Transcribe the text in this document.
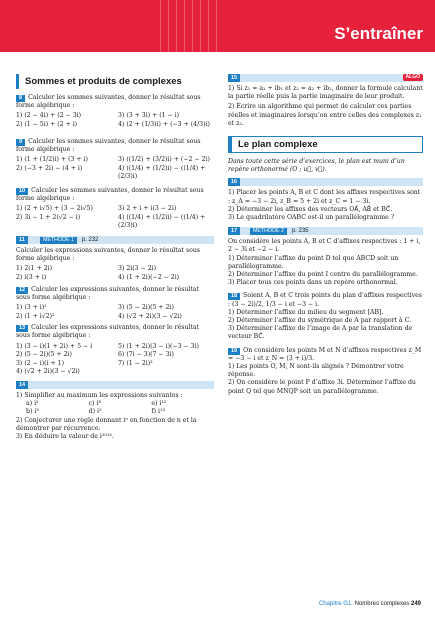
S’entraîner
Sommes et produits de complexes

8 Calculer les sommes suivantes, donner le résultat sous forme algébrique :

1) (2 − 4i) + (2 − 3i)	3) (3 + 3i) + (1 − i)
2) (1 − 5i) + (2 + i)	4) (2 + (1/3)i) + (−3 + (4/3)i)

9 Calculer les sommes suivantes, donner le résultat sous forme algébrique :

1) (1 + (1/2)i) + (3 + i)	3) ((1/2) + (3/2)i) + (−2 − 2i)
2) (−3 + 2i) − (4 + i)	4) ((1/4) + (1/2)i) − ((1/4) + (2/3)i)

10 Calculer les sommes suivantes, donner le résultat sous forme algébrique :

1) (2 + i√5) + (3 − 2i√5)	3) 2 + i + i(3 − 2i)
2) 3i − 1 + 2(√2 − i)	4) ((1/4) + (1/2)i) − ((1/4) + (2/3)i)
11	MÉTHODE 1 p. 232

Calculer les expressions suivantes, donner le résultat sous forme algébrique :

1) 2(1 + 2i)	3) 2i(3 − 2i)
2) i(3 + i)	4) (1 + 2i)(−2 − 2i)

12 Calculer les expressions suivantes, donner le résultat sous forme algébrique :

1) (3 + i)²	3) (5 − 2i)(5 + 2i)
2) (1 + i√2)²	4) (√2 + 2i)(3 − √2i)

13 Calculer les expressions suivantes, donner le résultat sous forme algébrique :

1) (3 − i)(1 + 2i) + 5 − i	5) (1 + 2i)(3 − i)(−3 − 3i)
2) (5 − 2i)(5 + 2i)	6) (7i − 3)(7 − 3i)
3) (2 − i)(i + 1)	7) (1 − 2i)³
4) (√2 + 2i)(3 − √2i)
14

1) Simplifier au maximum les expressions suivantes :

a) i²	c) i⁸	e) i¹²
b) i³	d) i⁵	f) i¹³

2) Conjecturer une règle donnant iⁿ en fonction de n et la démontrer par récurrence.

3) En déduire la valeur de i²⁰¹³.

15	ALGO

1) Si z₁ = a₁ + ib₁ et z₂ = a₂ + ib₂, donner la formule calculant la partie réelle puis la partie imaginaire de leur produit.

2) Écrire un algorithme qui permet de calculer ces parties réelles et imaginaires lorsqu’on entre celles des complexes z₁ et z₂.

Le plan complexe

Dans toute cette série d’exercices, le plan est muni d’un repère orthonormé (O ; u⃗, v⃗).

16

1) Placer les points A, B et C dont les affixes respectives sont : z_A = −3 − 2i, z_B = 5 + 2i et z_C = 1 − 3i.

2) Déterminer les affixes des vecteurs OA⃗, AB⃗ et BC⃗.

3) Le quadrilatère OABC est-il un parallélogramme ?

17	MÉTHODE 2 p. 235

On considère les points A, B et C d’affixes respectives : 1 + i, 2 − 3i et −2 − i.

1) Déterminer l’affixe du point D tel que ABCD soit un parallélogramme.

2) Déterminer l’affixe du point I centre du parallélogramme.

3) Placer tous ces points dans un repère orthonormal.

18 Soient A, B et C trois points du plan d’affixes respectives : (3 − 2i)/2, 1/3 − i et −3 − i.

1) Déterminer l’affixe du milieu du segment [AB].

2) Déterminer l’affixe du symétrique de A par rapport à C.

3) Déterminer l’affixe de l’image de A par la translation de vecteur BC⃗.

19 On considère les points M et N d’affixes respectives z_M = −3 − i et z_N = (3 + i)/3.

1) Les points O, M, N sont-ils alignés ? Démontrer votre réponse.

2) On considère le point P d’affixe 3i. Déterminer l’affixe du point Q tel que MNQP soit un parallélogramme.

Chapitre G1. Nombres complexes 249
